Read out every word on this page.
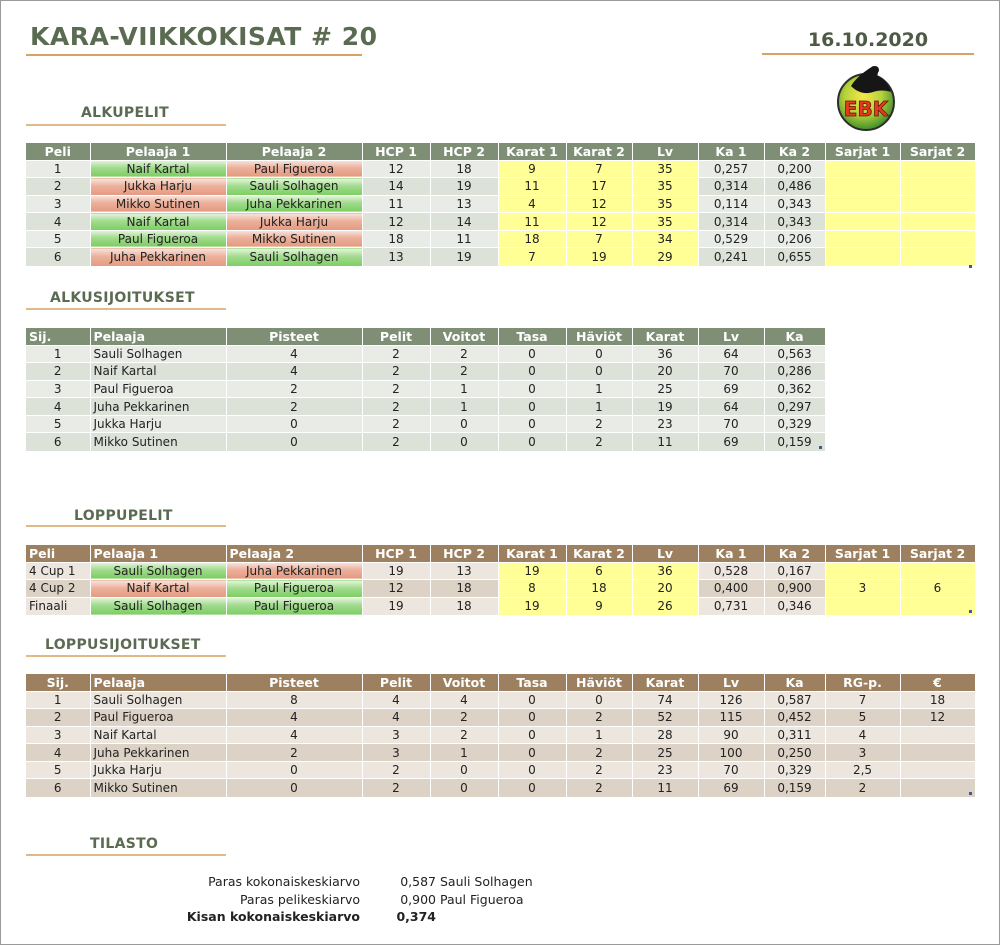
KARA-VIIKKOKISAT # 20	16.10.2020
EBK
ALKUPELIT
Peli	Pelaaja 1	Pelaaja 2	HCP 1	HCP 2	Karat 1	Karat 2	Lv	Ka 1	Ka 2	Sarjat 1	Sarjat 2
1	Naif Kartal	Paul Figueroa	12	18	9	7	35	0,257	0,200		
2	Jukka Harju	Sauli Solhagen	14	19	11	17	35	0,314	0,486		
3	Mikko Sutinen	Juha Pekkarinen	11	13	4	12	35	0,114	0,343		
4	Naif Kartal	Jukka Harju	12	14	11	12	35	0,314	0,343		
5	Paul Figueroa	Mikko Sutinen	18	11	18	7	34	0,529	0,206		
6	Juha Pekkarinen	Sauli Solhagen	13	19	7	19	29	0,241	0,655		
ALKUSIJOITUKSET
Sij.	Pelaaja	Pisteet	Pelit	Voitot	Tasa	Häviöt	Karat	Lv	Ka
1	Sauli Solhagen	4	2	2	0	0	36	64	0,563
2	Naif Kartal	4	2	2	0	0	20	70	0,286
3	Paul Figueroa	2	2	1	0	1	25	69	0,362
4	Juha Pekkarinen	2	2	1	0	1	19	64	0,297
5	Jukka Harju	0	2	0	0	2	23	70	0,329
6	Mikko Sutinen	0	2	0	0	2	11	69	0,159
LOPPUPELIT
Peli	Pelaaja 1	Pelaaja 2	HCP 1	HCP 2	Karat 1	Karat 2	Lv	Ka 1	Ka 2	Sarjat 1	Sarjat 2
4 Cup 1	Sauli Solhagen	Juha Pekkarinen	19	13	19	6	36	0,528	0,167		
4 Cup 2	Naif Kartal	Paul Figueroa	12	18	8	18	20	0,400	0,900	3	6
Finaali	Sauli Solhagen	Paul Figueroa	19	18	19	9	26	0,731	0,346		
LOPPUSIJOITUKSET
Sij.	Pelaaja	Pisteet	Pelit	Voitot	Tasa	Häviöt	Karat	Lv	Ka	RG-p.	€
1	Sauli Solhagen	8	4	4	0	0	74	126	0,587	7	18
2	Paul Figueroa	4	4	2	0	2	52	115	0,452	5	12
3	Naif Kartal	4	3	2	0	1	28	90	0,311	4	
4	Juha Pekkarinen	2	3	1	0	2	25	100	0,250	3	
5	Jukka Harju	0	2	0	0	2	23	70	0,329	2,5	
6	Mikko Sutinen	0	2	0	0	2	11	69	0,159	2	
TILASTO
Paras kokonaiskeskiarvo	0,587 Sauli Solhagen
Paras pelikeskiarvo	0,900 Paul Figueroa
Kisan kokonaiskeskiarvo	0,374
